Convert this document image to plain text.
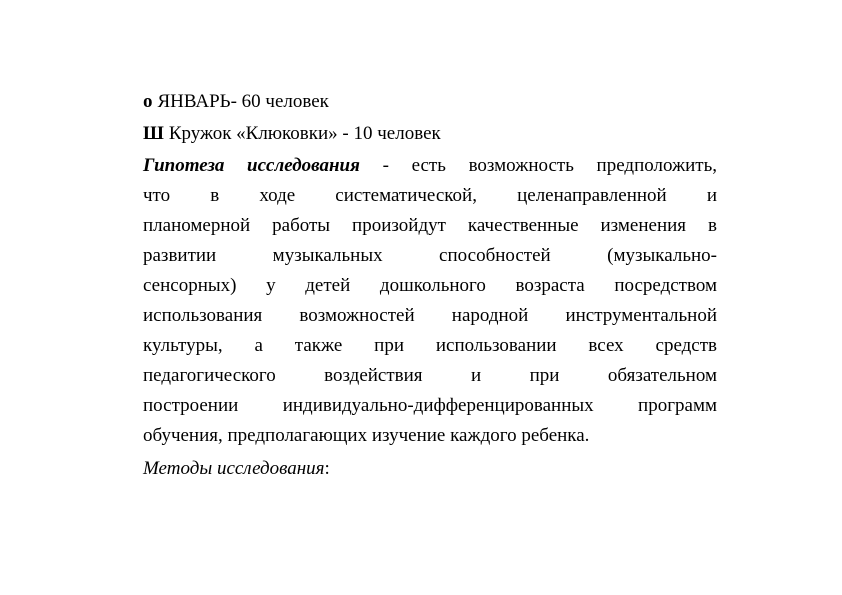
o ЯНВАРЬ- 60 человек
Ш Кружок «Клюковки» - 10 человек
Гипотеза исследования - есть возможность предположить,
что в ходе систематической, целенаправленной и
планомерной работы произойдут качественные изменения в
развитии музыкальных способностей (музыкально-
сенсорных) у детей дошкольного возраста посредством
использования возможностей народной инструментальной
культуры, а также при использовании всех средств
педагогического воздействия и при обязательном
построении индивидуально-дифференцированных программ
обучения, предполагающих изучение каждого ребенка.
Методы исследования:
